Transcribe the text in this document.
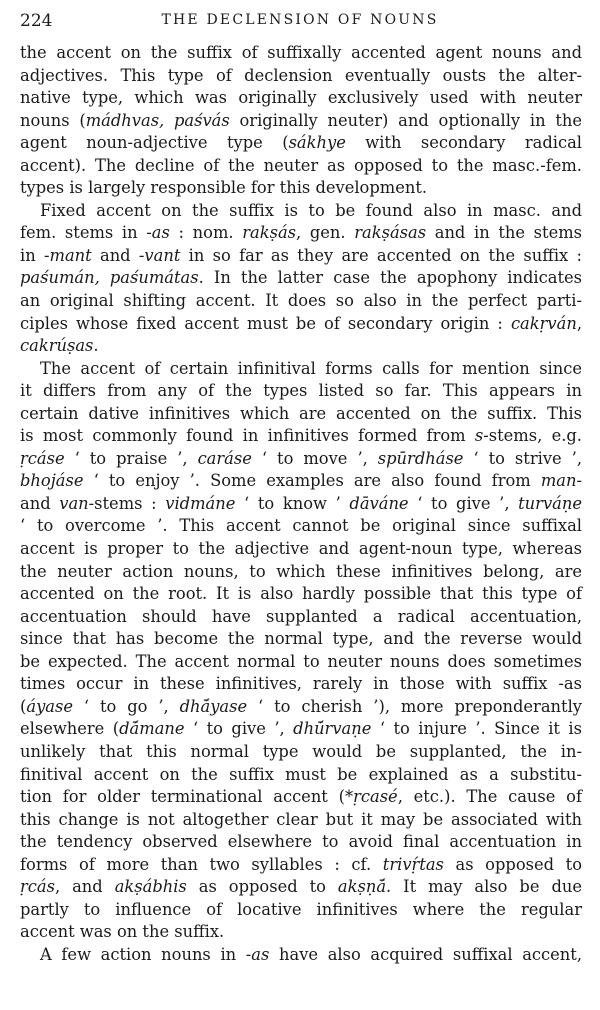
224	THE DECLENSION OF NOUNS
the accent on the suffix of suffixally accented agent nouns and
adjectives. This type of declension eventually ousts the alter-
native type, which was originally exclusively used with neuter
nouns (mádhvas, paśvás originally neuter) and optionally in the
agent noun-adjective type (sákhye with secondary radical
accent). The decline of the neuter as opposed to the masc.-fem.
types is largely responsible for this development.
Fixed accent on the suffix is to be found also in masc. and
fem. stems in -as : nom. rakṣás, gen. rakṣásas and in the stems
in -mant and -vant in so far as they are accented on the suffix :
paśumán, paśumátas. In the latter case the apophony indicates
an original shifting accent. It does so also in the perfect parti-
ciples whose fixed accent must be of secondary origin : cakṛván,
cakrúṣas.
The accent of certain infinitival forms calls for mention since
it differs from any of the types listed so far. This appears in
certain dative infinitives which are accented on the suffix. This
is most commonly found in infinitives formed from s-stems, e.g.
ṛcáse ‘ to praise ’, caráse ‘ to move ’, spūrdháse ‘ to strive ’,
bhojáse ‘ to enjoy ’. Some examples are also found from man-
and van-stems : vidmáne ‘ to know ’ dāváne ‘ to give ’, turváṇe
‘ to overcome ’. This accent cannot be original since suffixal
accent is proper to the adjective and agent-noun type, whereas
the neuter action nouns, to which these infinitives belong, are
accented on the root. It is also hardly possible that this type of
accentuation should have supplanted a radical accentuation,
since that has become the normal type, and the reverse would
be expected. The accent normal to neuter nouns does sometimes
times occur in these infinitives, rarely in those with suffix -as
(áyase ‘ to go ’, dhā́yase ‘ to cherish ’), more preponderantly
elsewhere (dā́mane ‘ to give ’, dhū́rvaṇe ‘ to injure ’. Since it is
unlikely that this normal type would be supplanted, the in-
finitival accent on the suffix must be explained as a substitu-
tion for older terminational accent (*ṛcasé, etc.). The cause of
this change is not altogether clear but it may be associated with
the tendency observed elsewhere to avoid final accentuation in
forms of more than two syllables : cf. trivṛ́tas as opposed to
ṛcás, and akṣábhis as opposed to akṣṇā́. It may also be due
partly to influence of locative infinitives where the regular
accent was on the suffix.
A few action nouns in -as have also acquired suffixal accent,
